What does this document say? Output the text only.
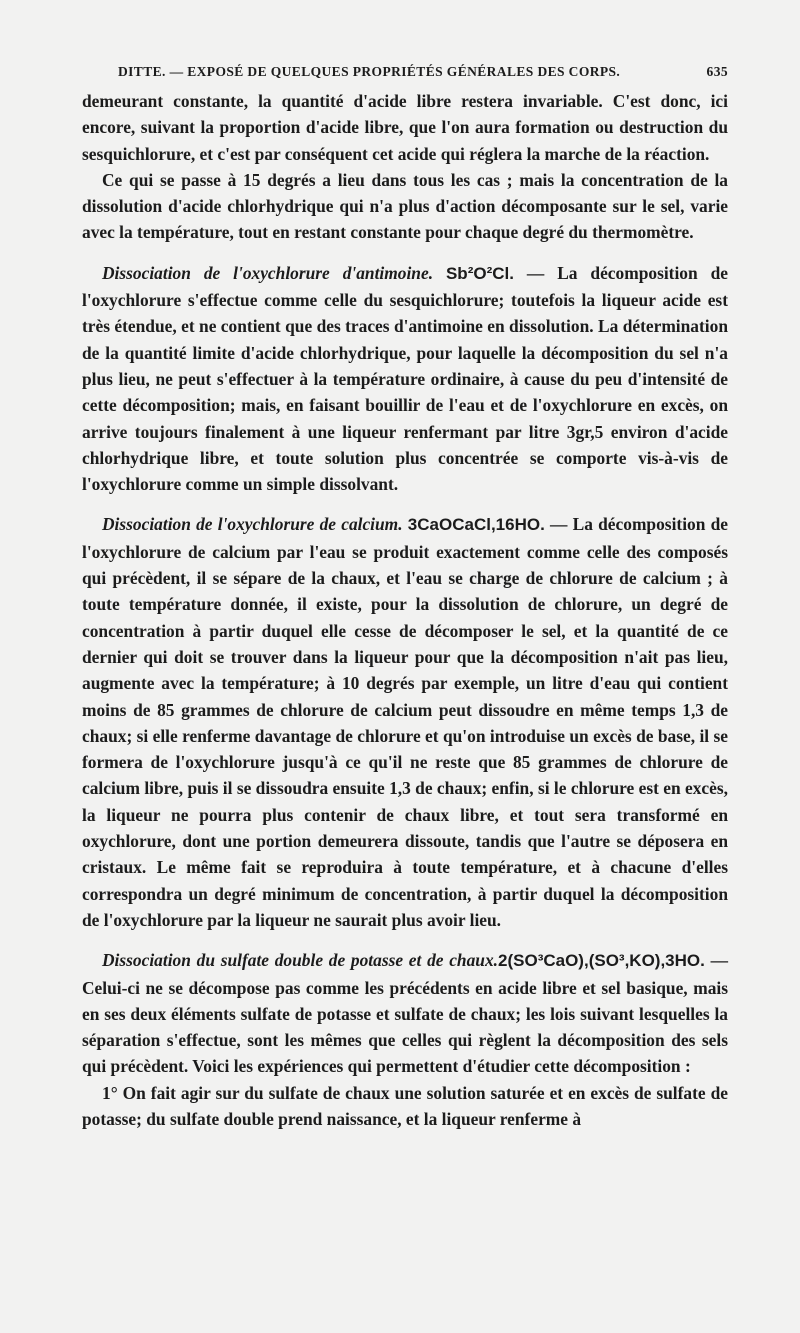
DITTE. — EXPOSÉ DE QUELQUES PROPRIÉTÉS GÉNÉRALES DES CORPS.	635

demeurant constante, la quantité d'acide libre restera invariable. C'est donc, ici encore, suivant la proportion d'acide libre, que l'on aura formation ou destruction du sesquichlorure, et c'est par conséquent cet acide qui réglera la marche de la réaction.

Ce qui se passe à 15 degrés a lieu dans tous les cas ; mais la concentration de la dissolution d'acide chlorhydrique qui n'a plus d'action décomposante sur le sel, varie avec la température, tout en restant constante pour chaque degré du thermomètre.

Dissociation de l'oxychlorure d'antimoine. Sb²O²Cl. — La décomposition de l'oxychlorure s'effectue comme celle du sesquichlorure; toutefois la liqueur acide est très étendue, et ne contient que des traces d'antimoine en dissolution. La détermination de la quantité limite d'acide chlorhydrique, pour laquelle la décomposition du sel n'a plus lieu, ne peut s'effectuer à la température ordinaire, à cause du peu d'intensité de cette décomposition; mais, en faisant bouillir de l'eau et de l'oxychlorure en excès, on arrive toujours finalement à une liqueur renfermant par litre 3gr,5 environ d'acide chlorhydrique libre, et toute solution plus concentrée se comporte vis-à-vis de l'oxychlorure comme un simple dissolvant.

Dissociation de l'oxychlorure de calcium. 3CaOCaCl,16HO. — La décomposition de l'oxychlorure de calcium par l'eau se produit exactement comme celle des composés qui précèdent, il se sépare de la chaux, et l'eau se charge de chlorure de calcium ; à toute température donnée, il existe, pour la dissolution de chlorure, un degré de concentration à partir duquel elle cesse de décomposer le sel, et la quantité de ce dernier qui doit se trouver dans la liqueur pour que la décomposition n'ait pas lieu, augmente avec la température; à 10 degrés par exemple, un litre d'eau qui contient moins de 85 grammes de chlorure de calcium peut dissoudre en même temps 1,3 de chaux; si elle renferme davantage de chlorure et qu'on introduise un excès de base, il se formera de l'oxychlorure jusqu'à ce qu'il ne reste que 85 grammes de chlorure de calcium libre, puis il se dissoudra ensuite 1,3 de chaux; enfin, si le chlorure est en excès, la liqueur ne pourra plus contenir de chaux libre, et tout sera transformé en oxychlorure, dont une portion demeurera dissoute, tandis que l'autre se déposera en cristaux. Le même fait se reproduira à toute température, et à chacune d'elles correspondra un degré minimum de concentration, à partir duquel la décomposition de l'oxychlorure par la liqueur ne saurait plus avoir lieu.

Dissociation du sulfate double de potasse et de chaux.2(SO³CaO),(SO³,KO),3HO. — Celui-ci ne se décompose pas comme les précédents en acide libre et sel basique, mais en ses deux éléments sulfate de potasse et sulfate de chaux; les lois suivant lesquelles la séparation s'effectue, sont les mêmes que celles qui règlent la décomposition des sels qui précèdent. Voici les expériences qui permettent d'étudier cette décomposition :

1° On fait agir sur du sulfate de chaux une solution saturée et en excès de sulfate de potasse; du sulfate double prend naissance, et la liqueur renferme à
